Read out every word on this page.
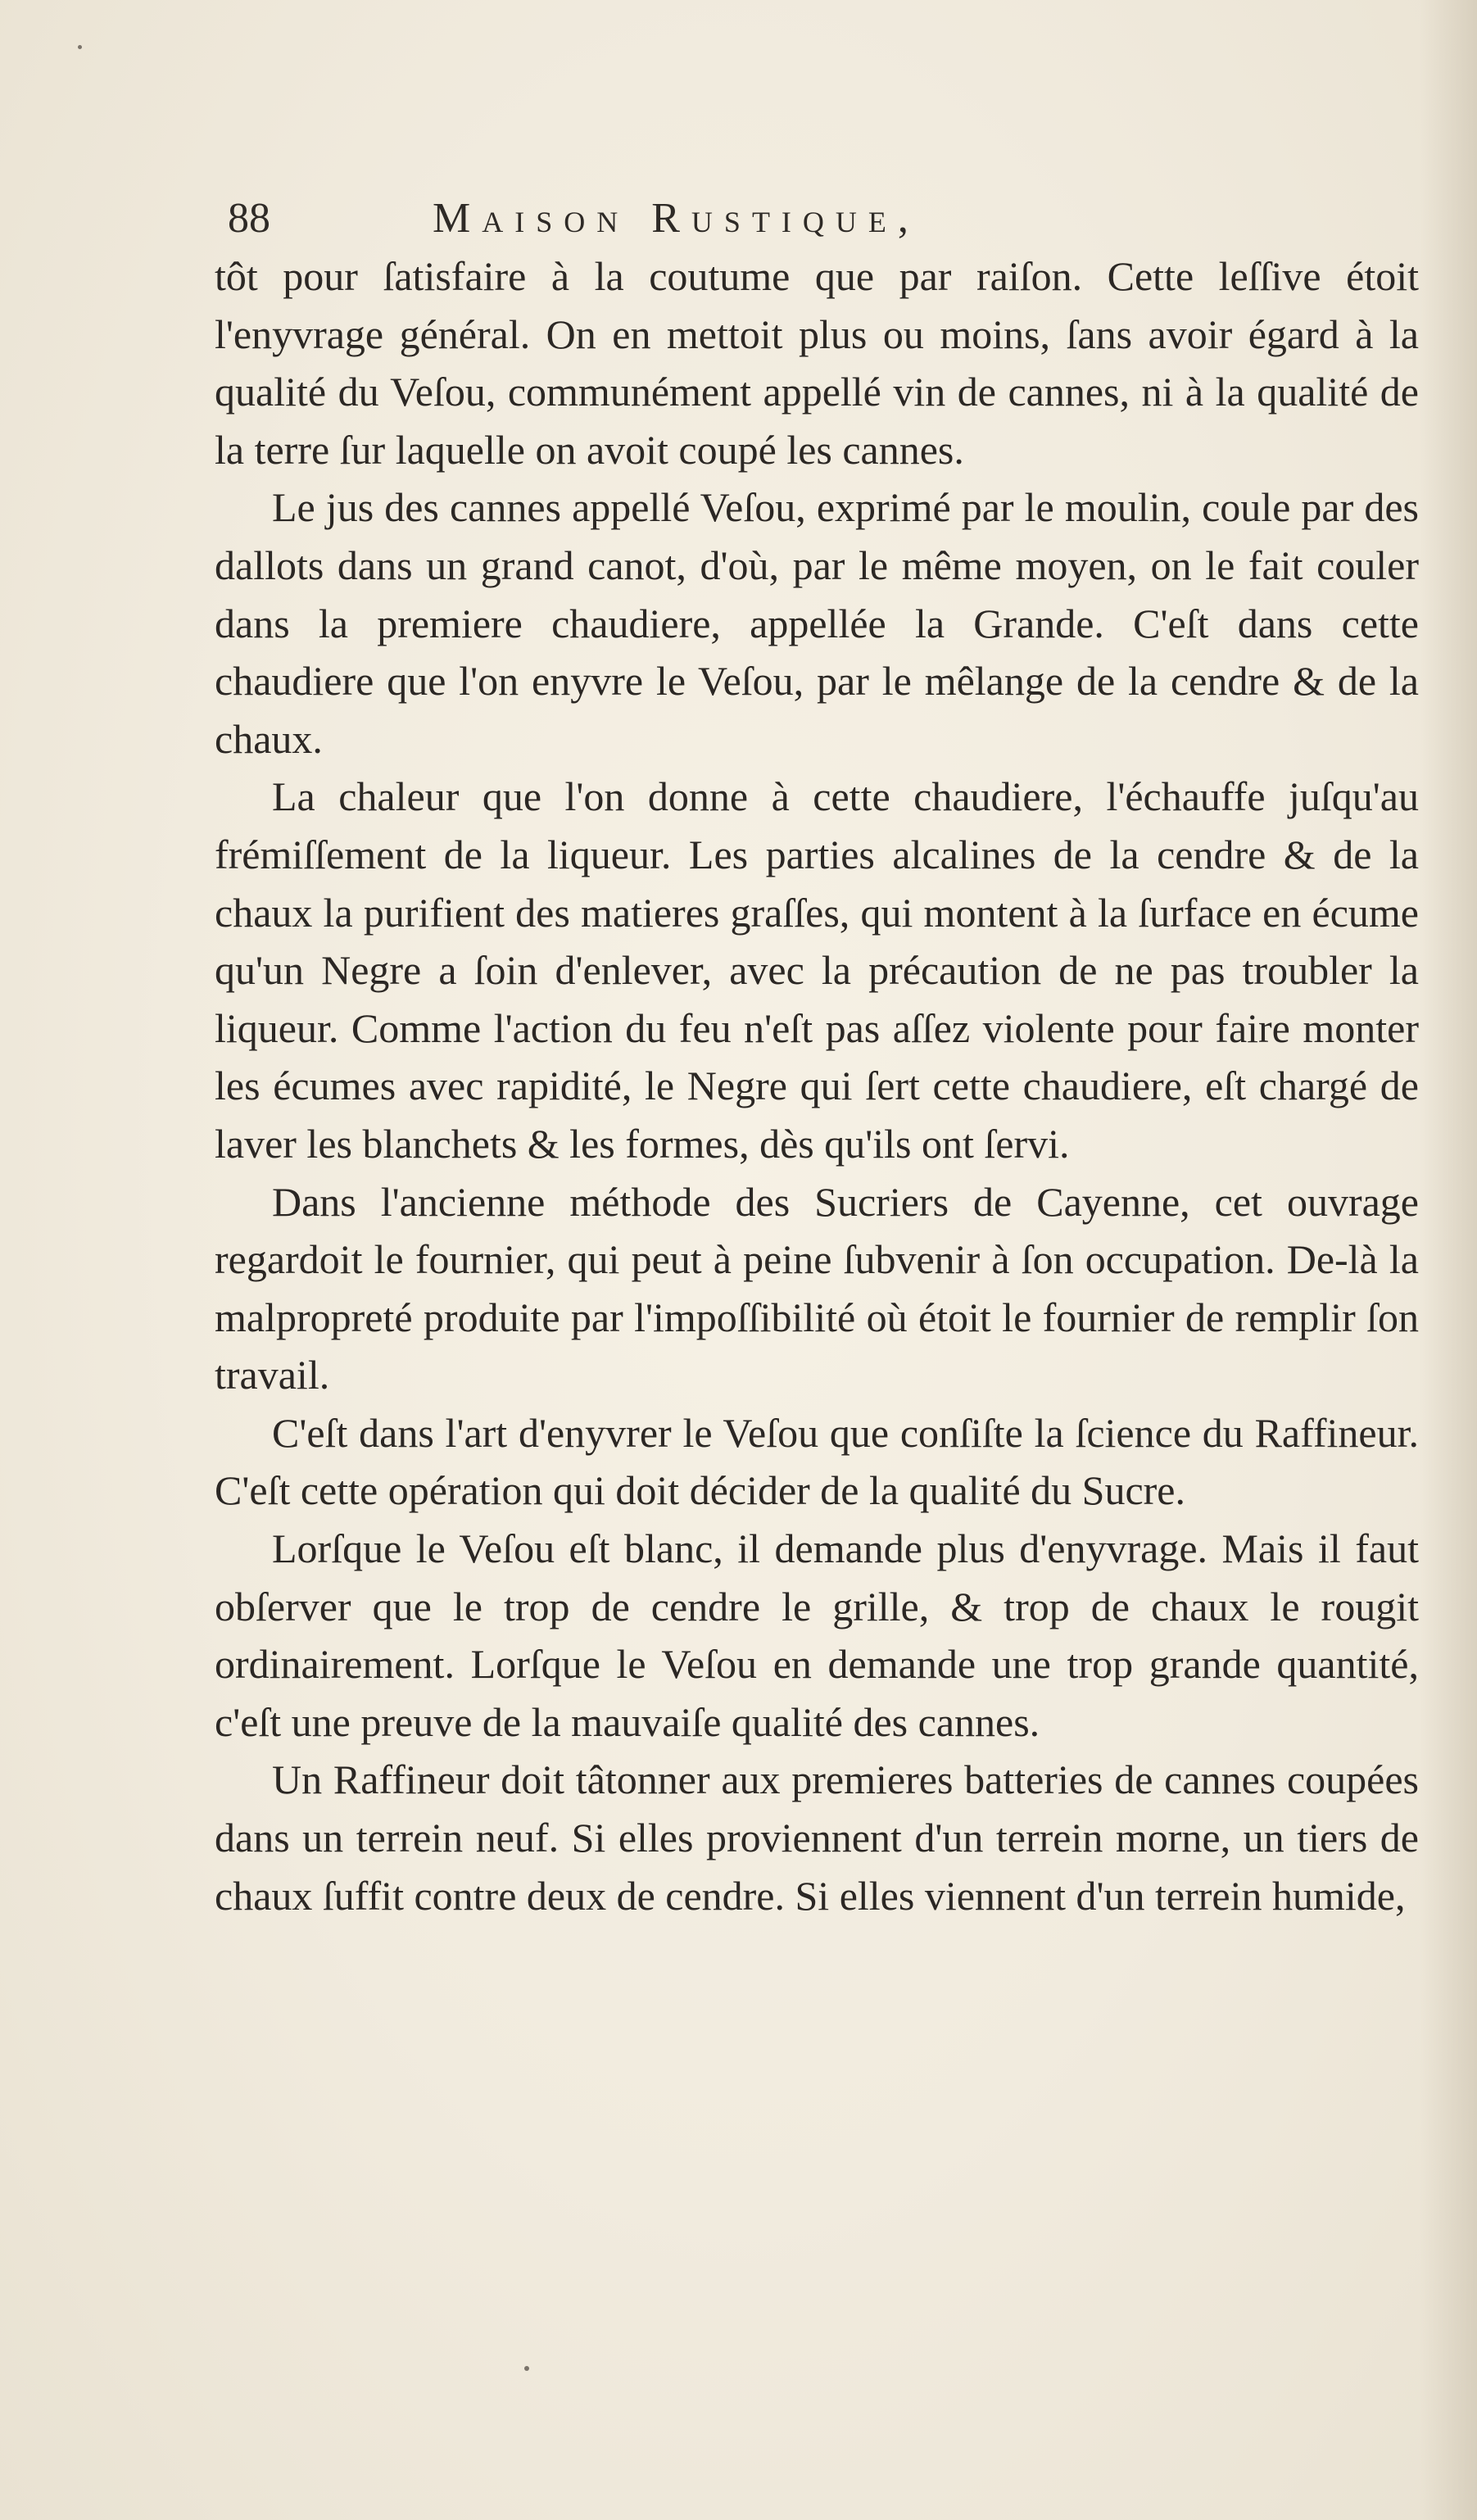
88	Maison Rustique,

tôt pour ſatisfaire à la coutume que par raiſon. Cette leſſive étoit l'enyvrage général. On en mettoit plus ou moins, ſans avoir égard à la qualité du Veſou, communément appellé vin de cannes, ni à la qualité de la terre ſur laquelle on avoit coupé les cannes.

Le jus des cannes appellé Veſou, exprimé par le moulin, coule par des dallots dans un grand canot, d'où, par le même moyen, on le fait couler dans la premiere chaudiere, appellée la Grande. C'eſt dans cette chaudiere que l'on enyvre le Veſou, par le mêlange de la cendre & de la chaux.

La chaleur que l'on donne à cette chaudiere, l'échauffe juſqu'au frémiſſement de la liqueur. Les parties alcalines de la cendre & de la chaux la purifient des matieres graſſes, qui montent à la ſurface en écume qu'un Negre a ſoin d'enlever, avec la précaution de ne pas troubler la liqueur. Comme l'action du feu n'eſt pas aſſez violente pour faire monter les écumes avec rapidité, le Negre qui ſert cette chaudiere, eſt chargé de laver les blanchets & les formes, dès qu'ils ont ſervi.

Dans l'ancienne méthode des Sucriers de Cayenne, cet ouvrage regardoit le fournier, qui peut à peine ſubvenir à ſon occupation. De-là la malpropreté produite par l'impoſſibilité où étoit le fournier de remplir ſon travail.

C'eſt dans l'art d'enyvrer le Veſou que conſiſte la ſcience du Raffineur. C'eſt cette opération qui doit décider de la qualité du Sucre.

Lorſque le Veſou eſt blanc, il demande plus d'enyvrage. Mais il faut obſerver que le trop de cendre le grille, & trop de chaux le rougit ordinairement. Lorſque le Veſou en demande une trop grande quantité, c'eſt une preuve de la mauvaiſe qualité des cannes.

Un Raffineur doit tâtonner aux premieres batteries de cannes coupées dans un terrein neuf. Si elles proviennent d'un terrein morne, un tiers de chaux ſuffit contre deux de cendre. Si elles viennent d'un terrein humide,
